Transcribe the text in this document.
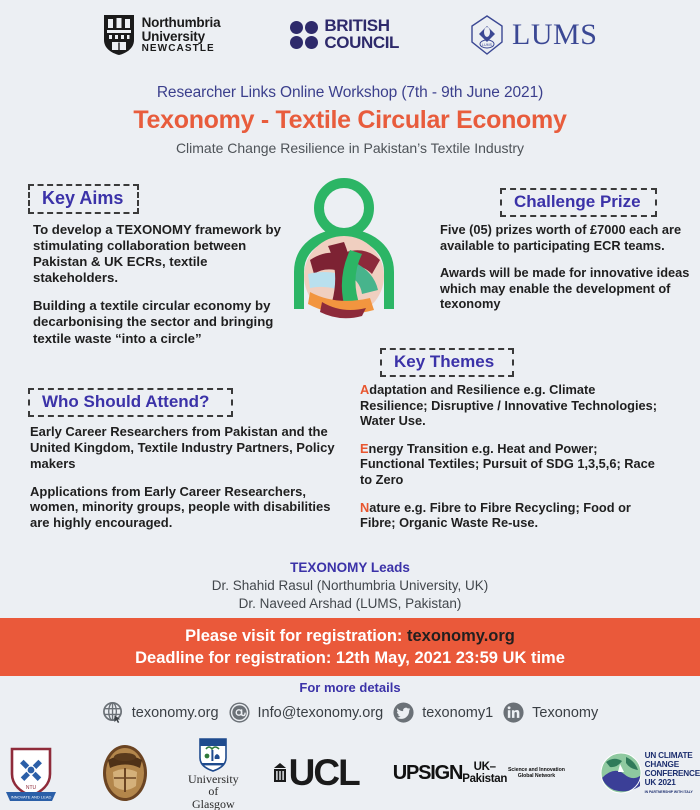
Northumbria
University
NEWCASTLE
BRITISH
COUNCIL	LUMS LUMS
Researcher Links Online Workshop (7th - 9th June 2021)
Texonomy - Textile Circular Economy
Climate Change Resilience in Pakistan’s Textile Industry
Key Aims

To develop a TEXONOMY framework by stimulating collaboration between Pakistan & UK ECRs, textile stakeholders.

Building a textile circular economy by decarbonising the sector and bringing textile waste “into a circle”

Challenge Prize

Five (05) prizes worth of £7000 each are available to participating ECR teams.

Awards will be made for innovative ideas which may enable the development of texonomy

Key Themes

Adaptation and Resilience e.g. Climate Resilience; Disruptive / Innovative Technologies; Water Use.

Energy Transition e.g. Heat and Power; Functional Textiles; Pursuit of SDG 1,3,5,6; Race to Zero

Nature e.g. Fibre to Fibre Recycling; Food or Fibre; Organic Waste Re-use.

Who Should Attend?

Early Career Researchers from Pakistan and the United Kingdom, Textile Industry Partners, Policy makers

Applications from Early Career Researchers, women, minority groups, people with disabilities are highly encouraged.

TEXONOMY Leads
Dr. Shahid Rasul (Northumbria University, UK)
Dr. Naveed Arshad (LUMS, Pakistan)
Please visit for registration: texonomy.org
Deadline for registration: 12th May, 2021 23:59 UK time
For more details
texonomy.org	Info@texonomy.org	texonomy1	Texonomy
NTU
INNOVATE AND LEAD
University
of Glasgow
UCL UPSIGN UK–Pakistan
Science and Innovation Global Network
UN CLIMATE
CHANGE
CONFERENCE
UK 2021
IN PARTNERSHIP WITH ITALY
